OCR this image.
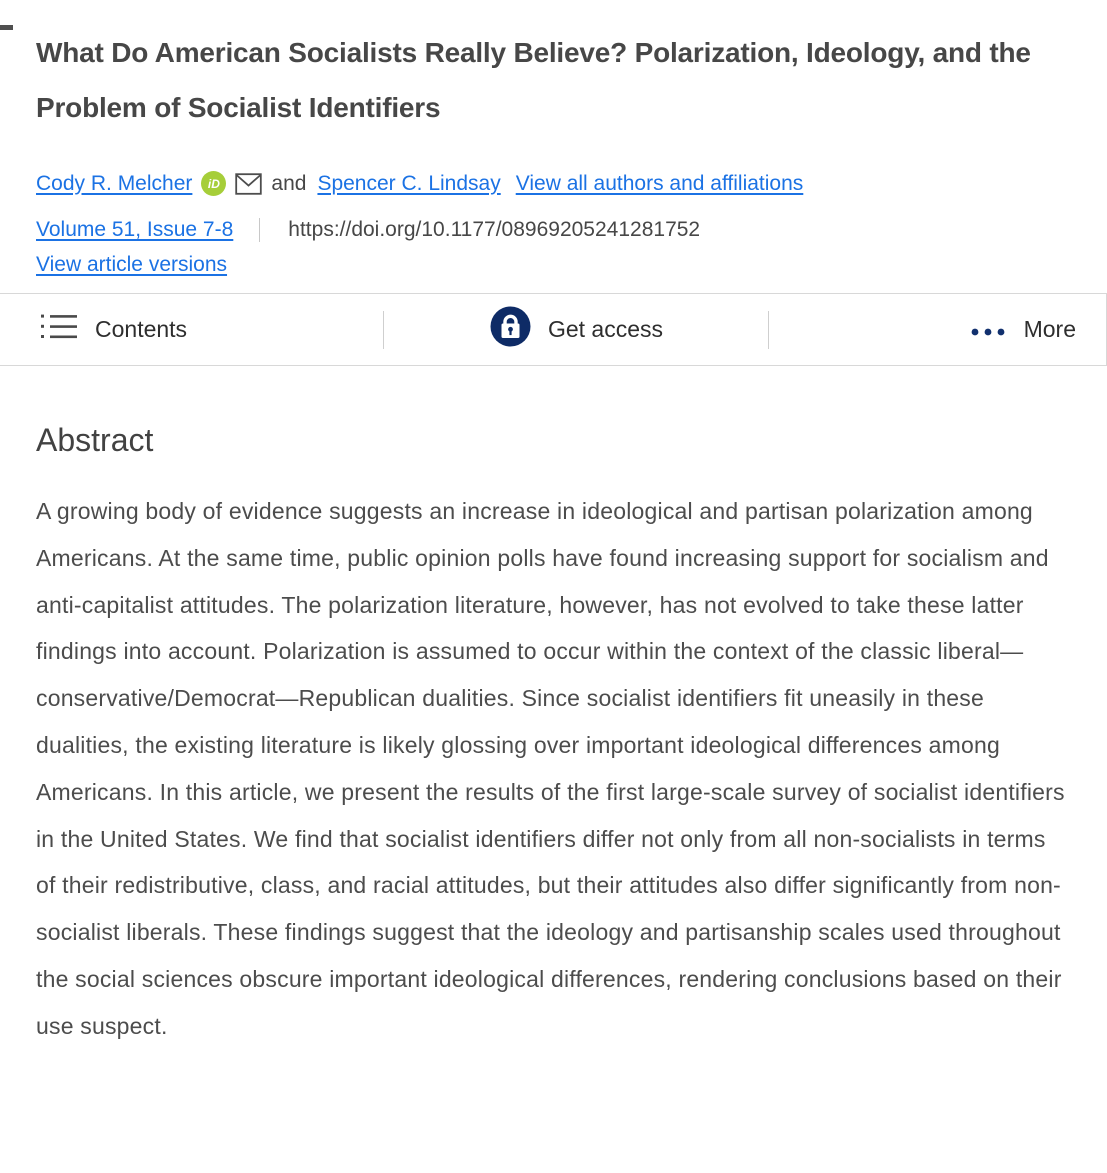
What Do American Socialists Really Believe? Polarization, Ideology, and the Problem of Socialist Identifiers
Cody R. Melcher iD and Spencer C. Lindsay View all authors and affiliations
Volume 51, Issue 7-8	https://doi.org/10.1177/08969205241281752
View article versions
Contents	Get access	More
Abstract

A growing body of evidence suggests an increase in ideological and partisan polarization among Americans. At the same time, public opinion polls have found increasing support for socialism and anti-capitalist attitudes. The polarization literature, however, has not evolved to take these latter findings into account. Polarization is assumed to occur within the context of the classic liberal—conservative/Democrat—Republican dualities. Since socialist identifiers fit uneasily in these dualities, the existing literature is likely glossing over important ideological differences among Americans. In this article, we present the results of the first large-scale survey of socialist identifiers in the United States. We find that socialist identifiers differ not only from all non-socialists in terms of their redistributive, class, and racial attitudes, but their attitudes also differ significantly from non-socialist liberals. These findings suggest that the ideology and partisanship scales used throughout the social sciences obscure important ideological differences, rendering conclusions based on their use suspect.
